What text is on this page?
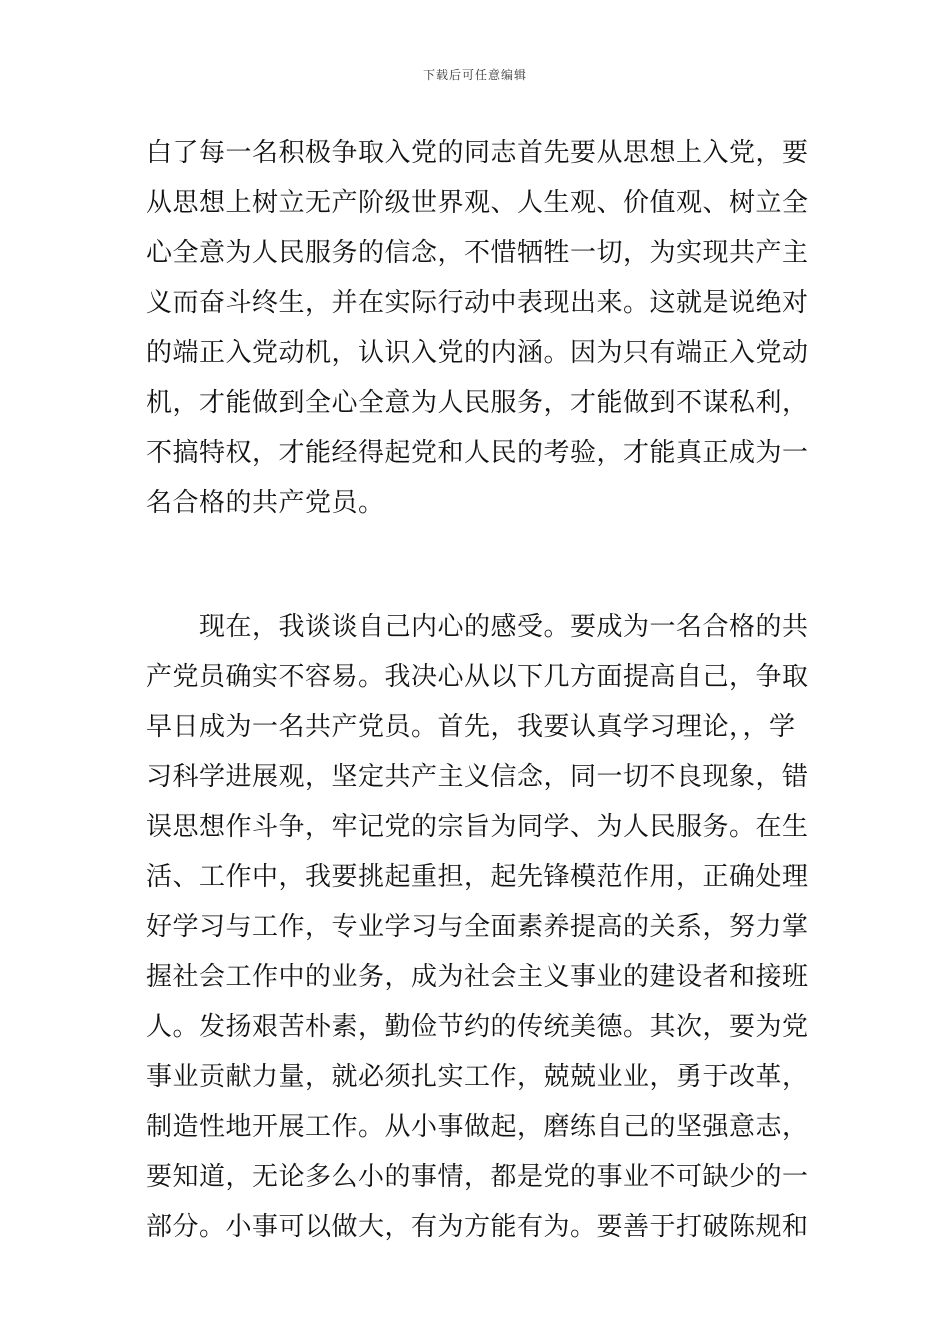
下载后可任意编辑
白了每一名积极争取入党的同志首先要从思想上入党，要
从思想上树立无产阶级世界观、人生观、价值观、树立全
心全意为人民服务的信念，不惜牺牲一切，为实现共产主
义而奋斗终生，并在实际行动中表现出来。这就是说绝对
的端正入党动机，认识入党的内涵。因为只有端正入党动
机，才能做到全心全意为人民服务，才能做到不谋私利，
不搞特权，才能经得起党和人民的考验，才能真正成为一
名合格的共产党员。
　　现在，我谈谈自己内心的感受。要成为一名合格的共
产党员确实不容易。我决心从以下几方面提高自己，争取
早日成为一名共产党员。首先，我要认真学习理论，，学
习科学进展观，坚定共产主义信念，同一切不良现象，错
误思想作斗争，牢记党的宗旨为同学、为人民服务。在生
活、工作中，我要挑起重担，起先锋模范作用，正确处理
好学习与工作，专业学习与全面素养提高的关系，努力掌
握社会工作中的业务，成为社会主义事业的建设者和接班
人。发扬艰苦朴素，勤俭节约的传统美德。其次，要为党
事业贡献力量，就必须扎实工作，兢兢业业，勇于改革，
制造性地开展工作。从小事做起，磨练自己的坚强意志，
要知道，无论多么小的事情，都是党的事业不可缺少的一
部分。小事可以做大，有为方能有为。要善于打破陈规和
